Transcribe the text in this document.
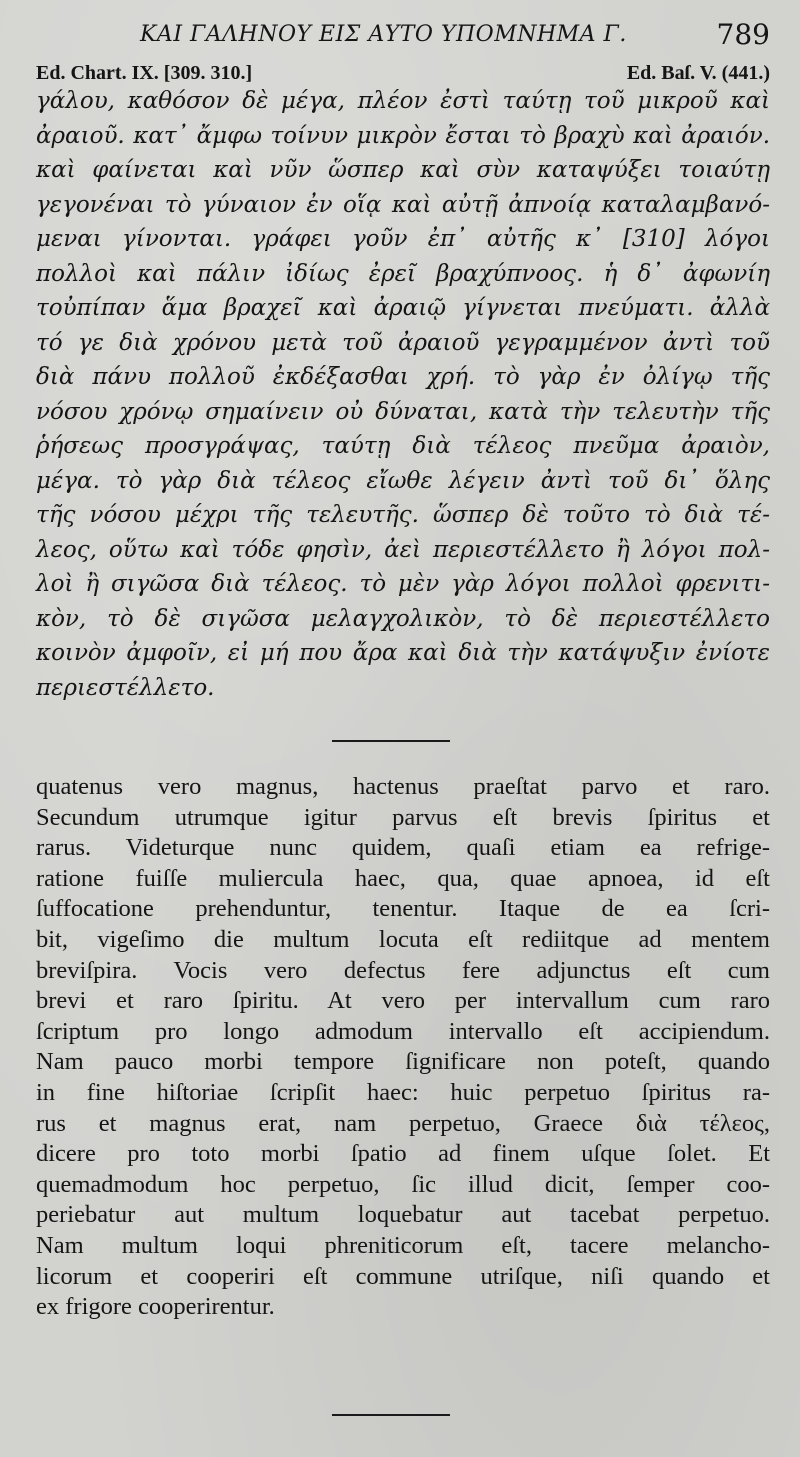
ΚΑΙ ΓΑΛΗΝΟΥ ΕΙΣ ΑΥΤΟ ΥΠΟΜΝΗΜΑ Γ.	789
Ed. Chart. IX. [309. 310.]	Ed. Baſ. V. (441.)
γάλου, καθόσον δὲ μέγα, πλέον ἐστὶ ταύτῃ τοῦ μικροῦ καὶ
ἀραιοῦ. κατ᾽ ἄμφω τοίνυν μικρὸν ἔσται τὸ βραχὺ καὶ ἀραιόν.
καὶ φαίνεται καὶ νῦν ὥσπερ καὶ σὺν καταψύξει τοιαύτῃ
γεγονέναι τὸ γύναιον ἐν οἵᾳ καὶ αὐτῇ ἀπνοίᾳ καταλαμβανό-
μεναι γίνονται. γράφει γοῦν ἐπ᾽ αὐτῆς κ᾽ [310] λόγοι
πολλοὶ καὶ πάλιν ἰδίως ἐρεῖ βραχύπνοος. ἡ δ᾽ ἀφωνίη
τοὐπίπαν ἅμα βραχεῖ καὶ ἀραιῷ γίγνεται πνεύματι. ἀλλὰ
τό γε διὰ χρόνου μετὰ τοῦ ἀραιοῦ γεγραμμένον ἀντὶ τοῦ
διὰ πάνυ πολλοῦ ἐκδέξασθαι χρή. τὸ γὰρ ἐν ὀλίγῳ τῆς
νόσου χρόνῳ σημαίνειν οὐ δύναται, κατὰ τὴν τελευτὴν τῆς
ῥήσεως προσγράψας, ταύτῃ διὰ τέλεος πνεῦμα ἀραιὸν,
μέγα. τὸ γὰρ διὰ τέλεος εἴωθε λέγειν ἀντὶ τοῦ δι᾽ ὅλης
τῆς νόσου μέχρι τῆς τελευτῆς. ὥσπερ δὲ τοῦτο τὸ διὰ τέ-
λεος, οὕτω καὶ τόδε φησὶν, ἀεὶ περιεστέλλετο ἢ λόγοι πολ-
λοὶ ἢ σιγῶσα διὰ τέλεος. τὸ μὲν γὰρ λόγοι πολλοὶ φρενιτι-
κὸν, τὸ δὲ σιγῶσα μελαγχολικὸν, τὸ δὲ περιεστέλλετο
κοινὸν ἀμφοῖν, εἰ μή που ἄρα καὶ διὰ τὴν κατάψυξιν ἐνίοτε
περιεστέλλετο.
quatenus vero magnus, hactenus praeſtat parvo et raro.
Secundum utrumque igitur parvus eſt brevis ſpiritus et
rarus. Videturque nunc quidem, quaſi etiam ea refrige-
ratione fuiſſe muliercula haec, qua, quae apnoea, id eſt
ſuffocatione prehenduntur, tenentur. Itaque de ea ſcri-
bit, vigeſimo die multum locuta eſt rediitque ad mentem
breviſpira. Vocis vero defectus fere adjunctus eſt cum
brevi et raro ſpiritu. At vero per intervallum cum raro
ſcriptum pro longo admodum intervallo eſt accipiendum.
Nam pauco morbi tempore ſignificare non poteſt, quando
in fine hiſtoriae ſcripſit haec: huic perpetuo ſpiritus ra-
rus et magnus erat, nam perpetuo, Graece διὰ τέλεος,
dicere pro toto morbi ſpatio ad finem uſque ſolet. Et
quemadmodum hoc perpetuo, ſic illud dicit, ſemper coo-
periebatur aut multum loquebatur aut tacebat perpetuo.
Nam multum loqui phreniticorum eſt, tacere melancho-
licorum et cooperiri eſt commune utriſque, niſi quando et
ex frigore cooperirentur.
